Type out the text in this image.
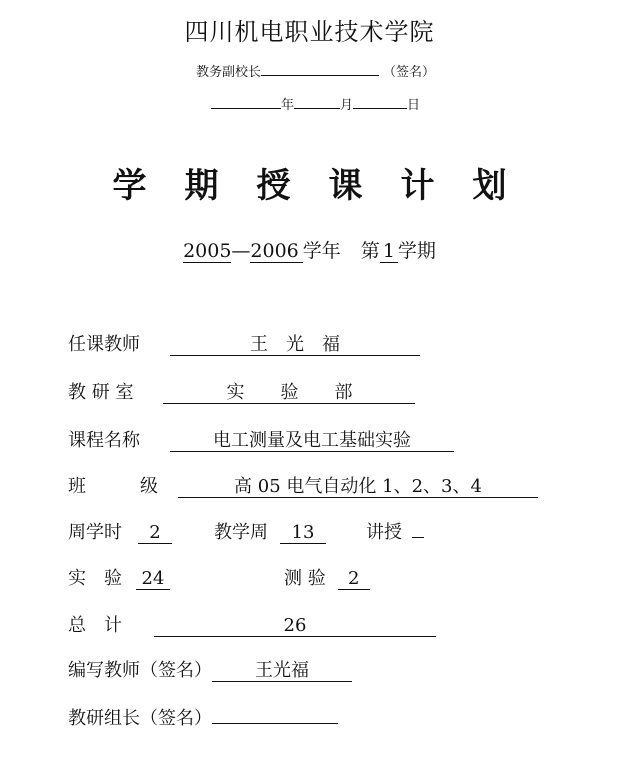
四川机电职业技术学院
教务副校长	（签名）
年	月	日
学期授课计划
2005—2006 学年 第 1 学期
任课教师	王　光　福
教 研 室	实　　验　　部
课程名称	电工测量及电工基础实验
班　　　级	高 05 电气自动化 1、2、3、4
周学时 2	教学周 13	讲授
实　验 24	测 验 2
总　计	26
编写教师（签名） 王光福
教研组长（签名）
